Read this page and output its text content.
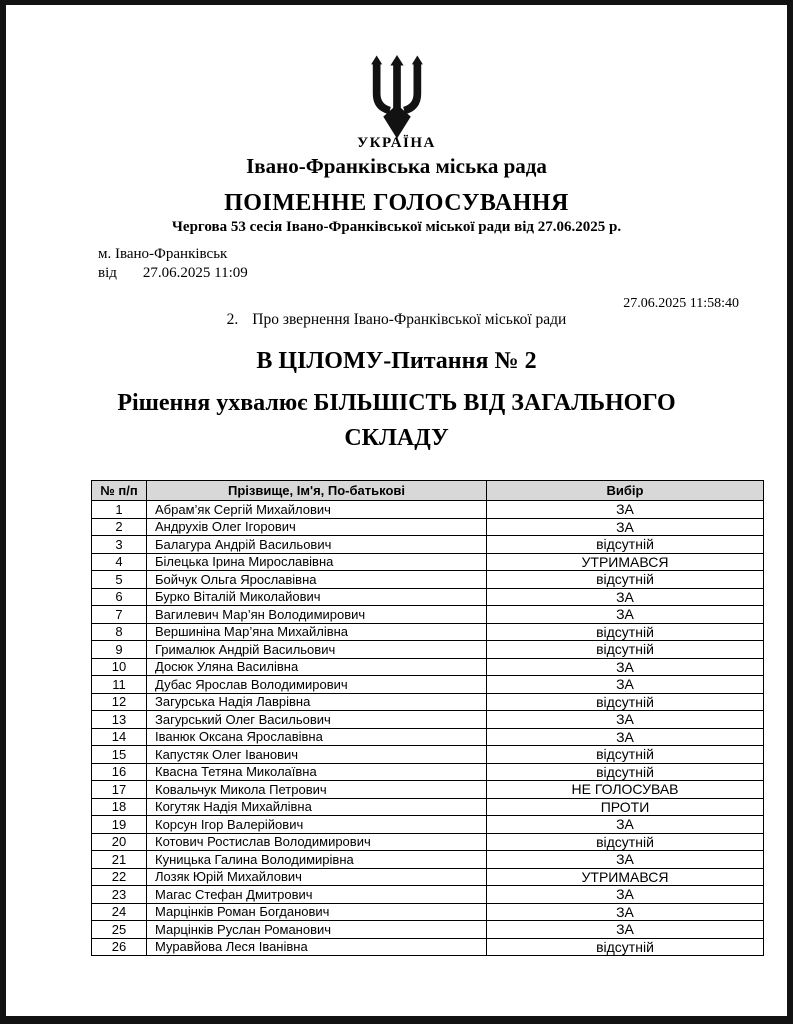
УКРАЇНА
Івано-Франківська міська рада
ПОІМЕННЕ ГОЛОСУВАННЯ
Чергова 53 сесія Івано-Франківської міської ради від 27.06.2025 р.
м. Івано-Франківськ
від 27.06.2025 11:09
27.06.2025 11:58:40
2. Про звернення Івано-Франківської міської ради
В ЦІЛОМУ-Питання № 2
Рішення ухвалює БІЛЬШІСТЬ ВІД ЗАГАЛЬНОГО
СКЛАДУ
№ п/п	Прізвище, Ім'я, По-батькові	Вибір
1	Абрам’як Сергій Михайлович	ЗА
2	Андрухів Олег Ігорович	ЗА
3	Балагура Андрій Васильович	відсутній
4	Білецька Ірина Мирославівна	УТРИМАВСЯ
5	Бойчук Ольга Ярославівна	відсутній
6	Бурко Віталій Миколайович	ЗА
7	Вагилевич Мар’ян Володимирович	ЗА
8	Вершиніна Мар’яна Михайлівна	відсутній
9	Грималюк Андрій Васильович	відсутній
10	Досюк Уляна Василівна	ЗА
11	Дубас Ярослав Володимирович	ЗА
12	Загурська Надія Лаврівна	відсутній
13	Загурський Олег Васильович	ЗА
14	Іванюк Оксана Ярославівна	ЗА
15	Капустяк Олег Іванович	відсутній
16	Квасна Тетяна Миколаївна	відсутній
17	Ковальчук Микола Петрович	НЕ ГОЛОСУВАВ
18	Когутяк Надія Михайлівна	ПРОТИ
19	Корсун Ігор Валерійович	ЗА
20	Котович Ростислав Володимирович	відсутній
21	Куницька Галина Володимирівна	ЗА
22	Лозяк Юрій Михайлович	УТРИМАВСЯ
23	Магас Стефан Дмитрович	ЗА
24	Марцінків Роман Богданович	ЗА
25	Марцінків Руслан Романович	ЗА
26	Муравйова Леся Іванівна	відсутній
